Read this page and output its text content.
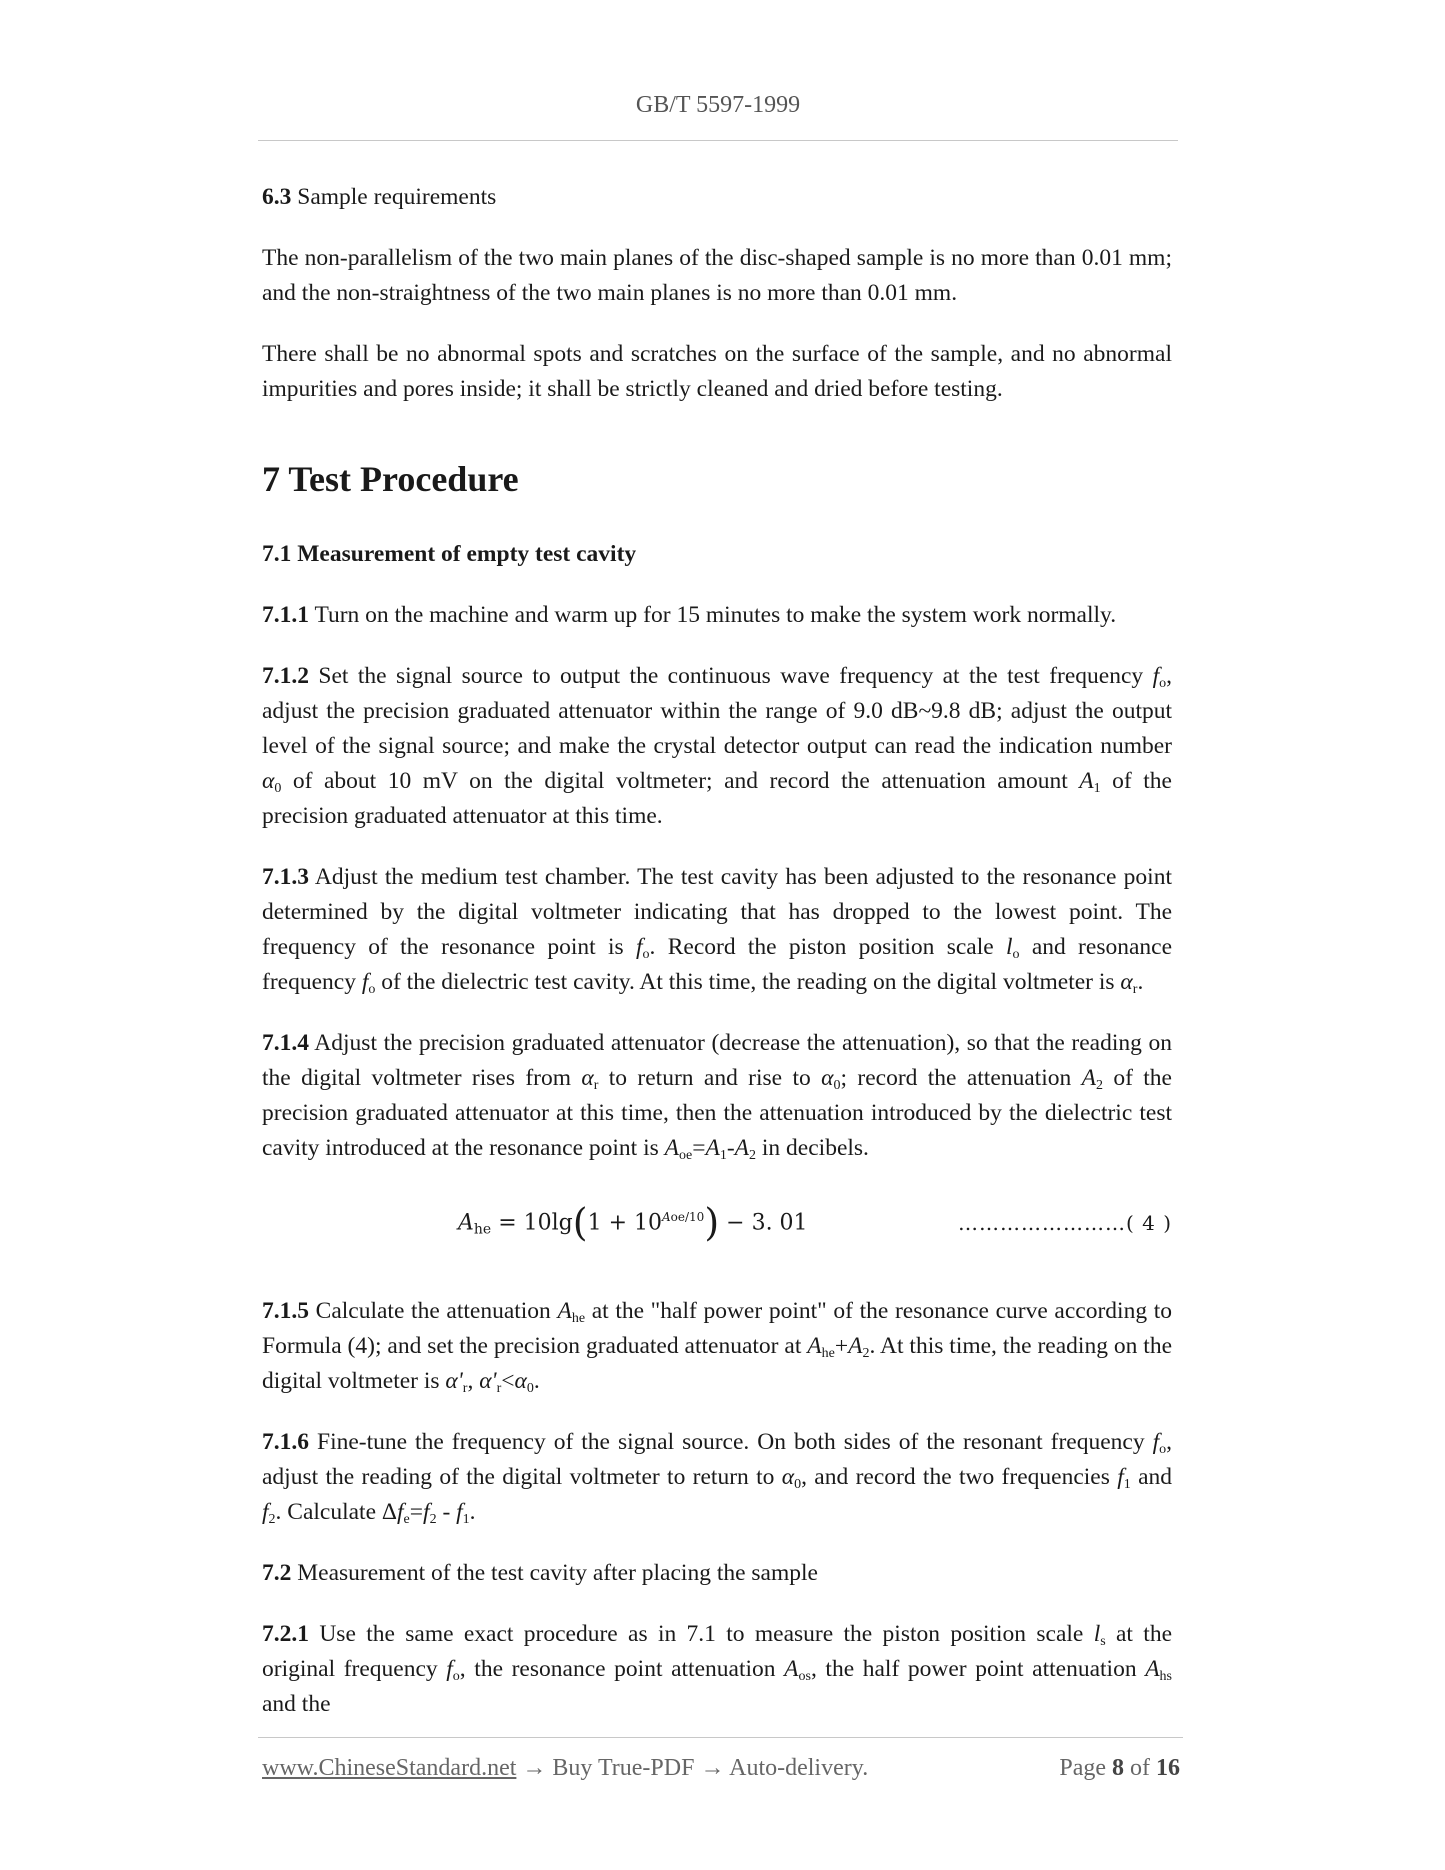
GB/T 5597-1999

6.3 Sample requirements

The non-parallelism of the two main planes of the disc-shaped sample is no more than 0.01 mm; and the non-straightness of the two main planes is no more than 0.01 mm.

There shall be no abnormal spots and scratches on the surface of the sample, and no abnormal impurities and pores inside; it shall be strictly cleaned and dried before testing.

7 Test Procedure

7.1 Measurement of empty test cavity

7.1.1 Turn on the machine and warm up for 15 minutes to make the system work normally.

7.1.2 Set the signal source to output the continuous wave frequency at the test frequency $f_o$, adjust the precision graduated attenuator within the range of 9.0 dB~9.8 dB; adjust the output level of the signal source; and make the crystal detector output can read the indication number $\alpha_0$ of about 10 mV on the digital voltmeter; and record the attenuation amount $A_1$ of the precision graduated attenuator at this time.

7.1.3 Adjust the medium test chamber. The test cavity has been adjusted to the resonance point determined by the digital voltmeter indicating that has dropped to the lowest point. The frequency of the resonance point is $f_o$. Record the piston position scale $l_o$ and resonance frequency $f_o$ of the dielectric test cavity. At this time, the reading on the digital voltmeter is $\alpha_r$.

7.1.4 Adjust the precision graduated attenuator (decrease the attenuation), so that the reading on the digital voltmeter rises from $\alpha_r$ to return and rise to $\alpha_0$; record the attenuation $A_2$ of the precision graduated attenuator at this time, then the attenuation introduced by the dielectric test cavity introduced at the resonance point is $A_{oe}=A_1-A_2$ in decibels.

$A_{he} = 10\lg(1 + 10^{Aoe/10}) - 3$. 01	……………………( 4 )

7.1.5 Calculate the attenuation $A_{he}$ at the "half power point" of the resonance curve according to Formula (4); and set the precision graduated attenuator at $A_{he}+A_2$. At this time, the reading on the digital voltmeter is $\alpha'_r$, $\alpha'_r<\alpha_0$.

7.1.6 Fine-tune the frequency of the signal source. On both sides of the resonant frequency $f_o$, adjust the reading of the digital voltmeter to return to $\alpha_0$, and record the two frequencies $f_1$ and $f_2$. Calculate $\Delta f_e=f_2 - f_1$.

7.2 Measurement of the test cavity after placing the sample

7.2.1 Use the same exact procedure as in 7.1 to measure the piston position scale $l_s$ at the original frequency $f_o$, the resonance point attenuation $A_{os}$, the half power point attenuation $A_{hs}$ and the

www.ChineseStandard.net → Buy True-PDF → Auto-delivery.	Page 8 of 16
